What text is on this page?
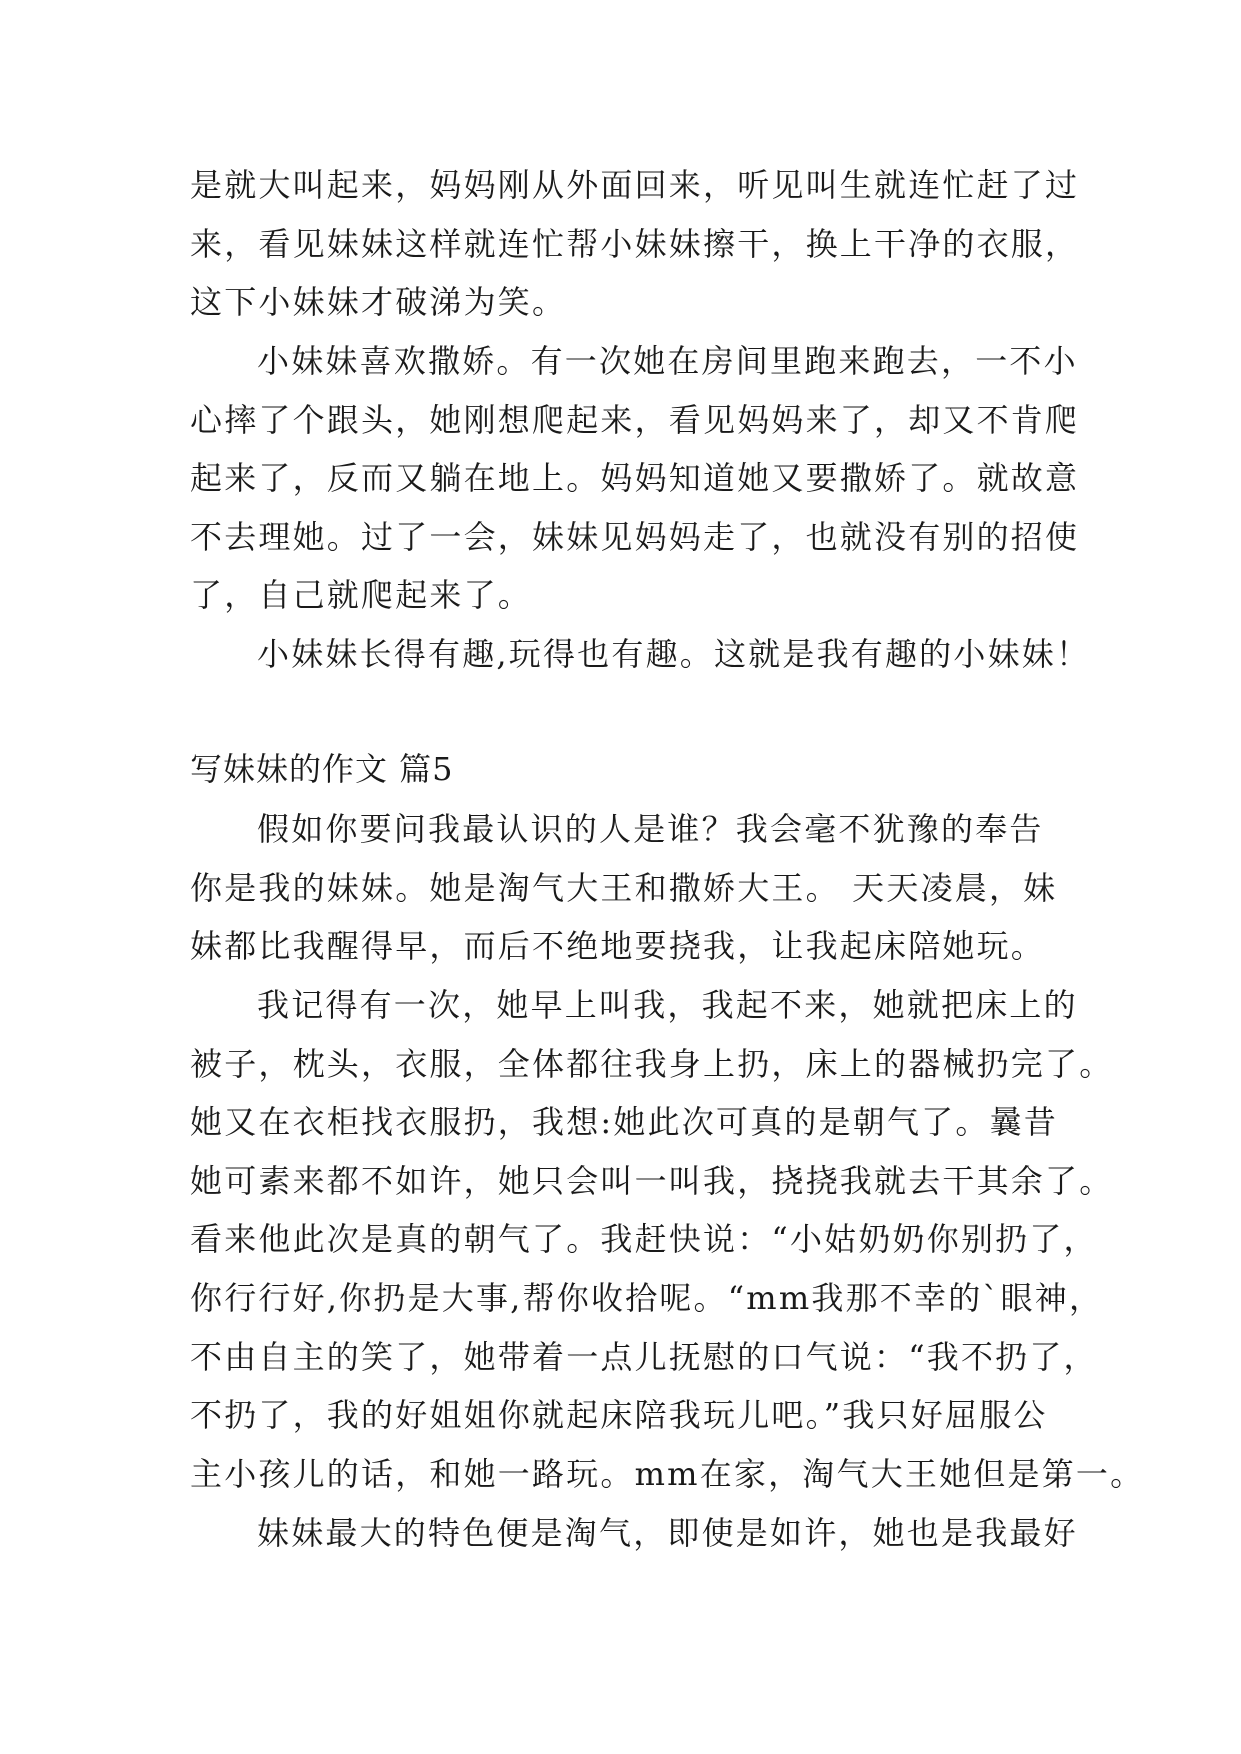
是就大叫起来，妈妈刚从外面回来，听见叫生就连忙赶了过
来，看见妹妹这样就连忙帮小妹妹擦干，换上干净的衣服，
这下小妹妹才破涕为笑。
小妹妹喜欢撒娇。有一次她在房间里跑来跑去，一不小
心摔了个跟头，她刚想爬起来，看见妈妈来了，却又不肯爬
起来了，反而又躺在地上。妈妈知道她又要撒娇了。就故意
不去理她。过了一会，妹妹见妈妈走了，也就没有别的招使
了，自己就爬起来了。
小妹妹长得有趣,玩得也有趣。这就是我有趣的小妹妹！
写妹妹的作文 篇5
假如你要问我最认识的人是谁？我会毫不犹豫的奉告
你是我的妹妹。她是淘气大王和撒娇大王。 天天凌晨，妹
妹都比我醒得早，而后不绝地要挠我，让我起床陪她玩。
我记得有一次，她早上叫我，我起不来，她就把床上的
被子，枕头，衣服，全体都往我身上扔，床上的器械扔完了。
她又在衣柜找衣服扔，我想:她此次可真的是朝气了。曩昔
她可素来都不如许，她只会叫一叫我，挠挠我就去干其余了。
看来他此次是真的朝气了。我赶快说：“小姑奶奶你别扔了，
你行行好,你扔是大事,帮你收拾呢。“mm我那不幸的`眼神，
不由自主的笑了，她带着一点儿抚慰的口气说：“我不扔了，
不扔了，我的好姐姐你就起床陪我玩儿吧。”我只好屈服公
主小孩儿的话，和她一路玩。mm在家，淘气大王她但是第一。
妹妹最大的特色便是淘气，即使是如许，她也是我最好
